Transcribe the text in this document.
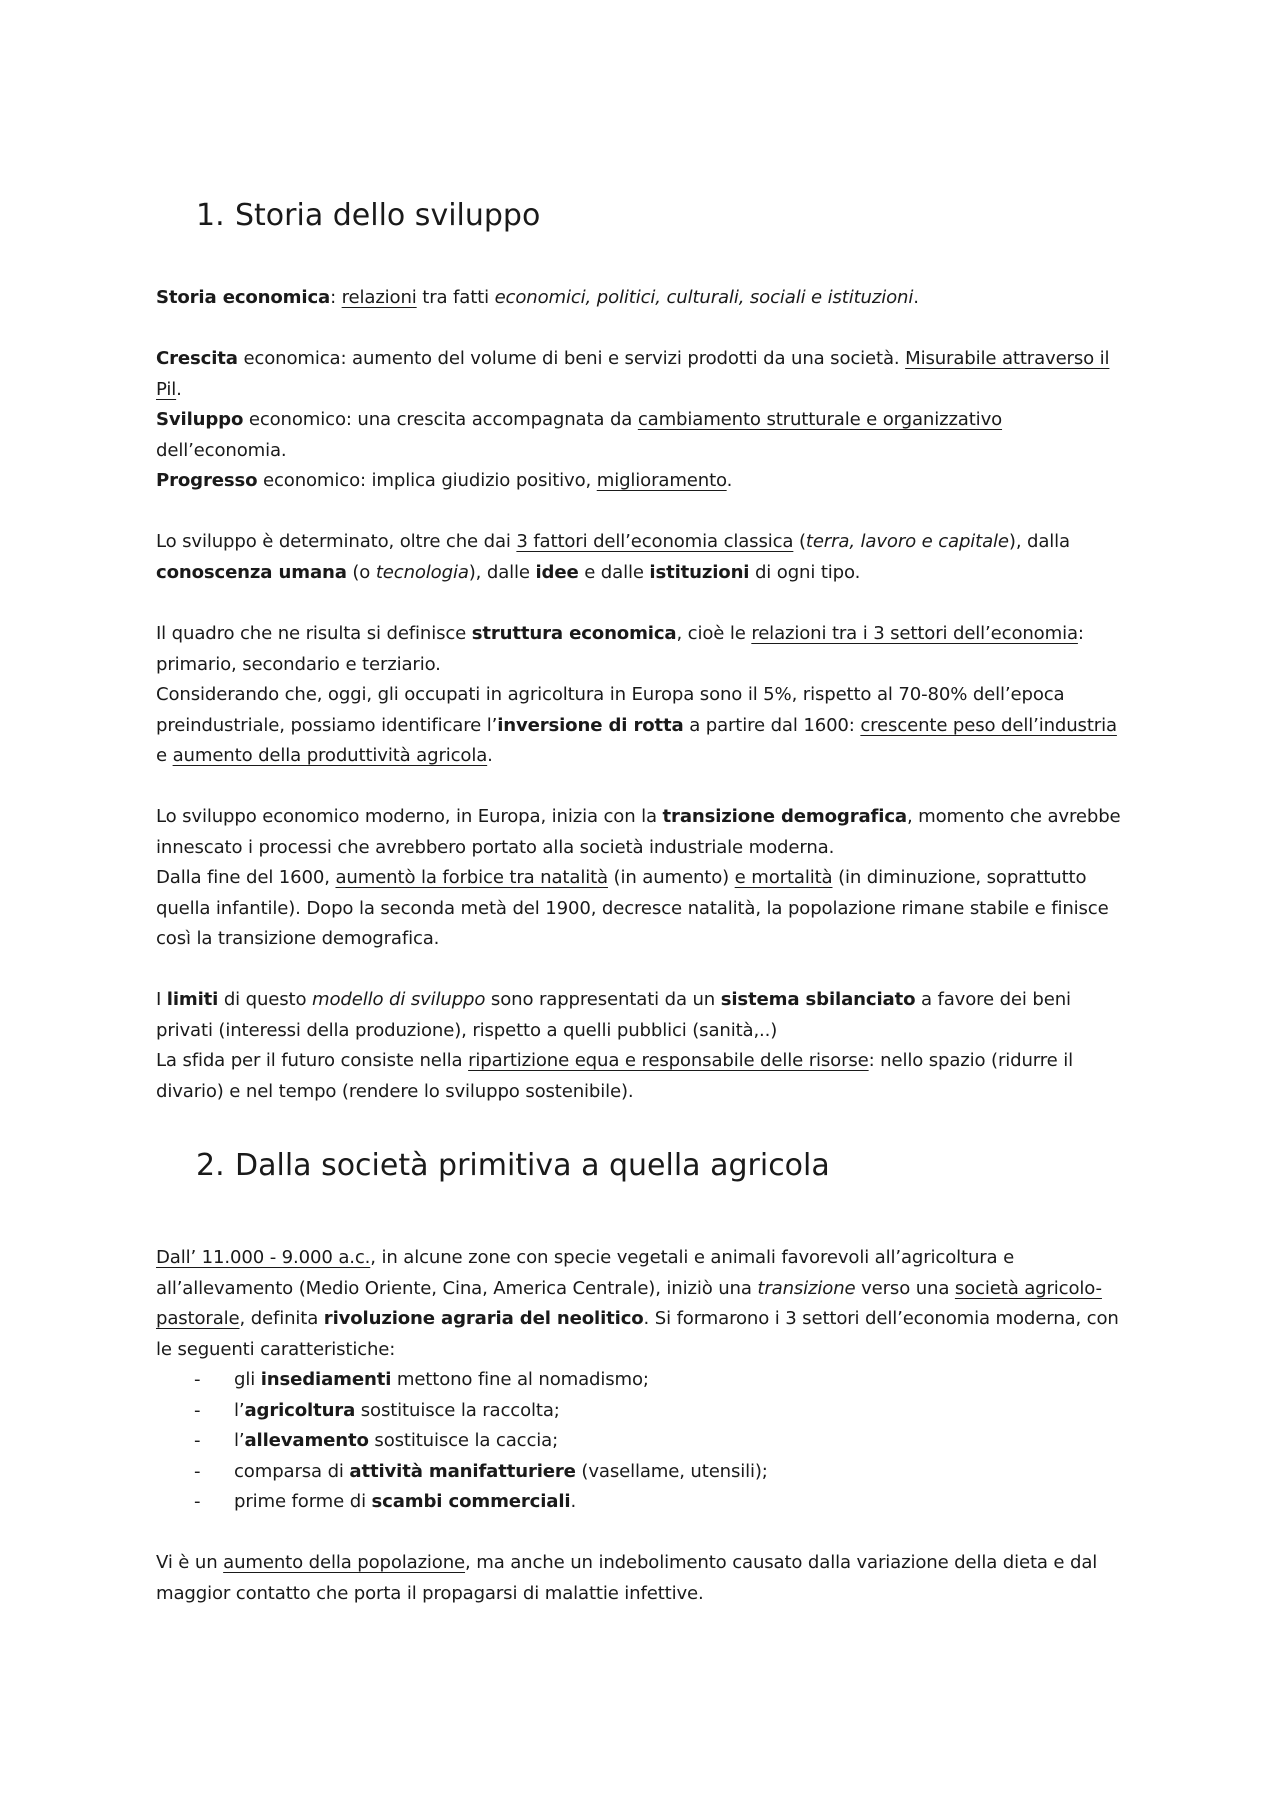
1. Storia dello sviluppo

Storia economica: relazioni tra fatti economici, politici, culturali, sociali e istituzioni.

Crescita economica: aumento del volume di beni e servizi prodotti da una società. Misurabile attraverso il Pil.

Sviluppo economico: una crescita accompagnata da cambiamento strutturale e organizzativo dell’economia.

Progresso economico: implica giudizio positivo, miglioramento.

Lo sviluppo è determinato, oltre che dai 3 fattori dell’economia classica (terra, lavoro e capitale), dalla conoscenza umana (o tecnologia), dalle idee e dalle istituzioni di ogni tipo.

Il quadro che ne risulta si definisce struttura economica, cioè le relazioni tra i 3 settori dell’economia: primario, secondario e terziario.

Considerando che, oggi, gli occupati in agricoltura in Europa sono il 5%, rispetto al 70-80% dell’epoca preindustriale, possiamo identificare l’inversione di rotta a partire dal 1600: crescente peso dell’industria e aumento della produttività agricola.

Lo sviluppo economico moderno, in Europa, inizia con la transizione demografica, momento che avrebbe innescato i processi che avrebbero portato alla società industriale moderna.

Dalla fine del 1600, aumentò la forbice tra natalità (in aumento) e mortalità (in diminuzione, soprattutto quella infantile). Dopo la seconda metà del 1900, decresce natalità, la popolazione rimane stabile e finisce così la transizione demografica.

I limiti di questo modello di sviluppo sono rappresentati da un sistema sbilanciato a favore dei beni privati (interessi della produzione), rispetto a quelli pubblici (sanità,..)

La sfida per il futuro consiste nella ripartizione equa e responsabile delle risorse: nello spazio (ridurre il divario) e nel tempo (rendere lo sviluppo sostenibile).

2. Dalla società primitiva a quella agricola

Dall’ 11.000 - 9.000 a.c., in alcune zone con specie vegetali e animali favorevoli all’agricoltura e all’allevamento (Medio Oriente, Cina, America Centrale), iniziò una transizione verso una società agricolo-pastorale, definita rivoluzione agraria del neolitico. Si formarono i 3 settori dell’economia moderna, con le seguenti caratteristiche:

- gli insediamenti mettono fine al nomadismo;
- l’agricoltura sostituisce la raccolta;
- l’allevamento sostituisce la caccia;
- comparsa di attività manifatturiere (vasellame, utensili);
- prime forme di scambi commerciali.

Vi è un aumento della popolazione, ma anche un indebolimento causato dalla variazione della dieta e dal maggior contatto che porta il propagarsi di malattie infettive.
